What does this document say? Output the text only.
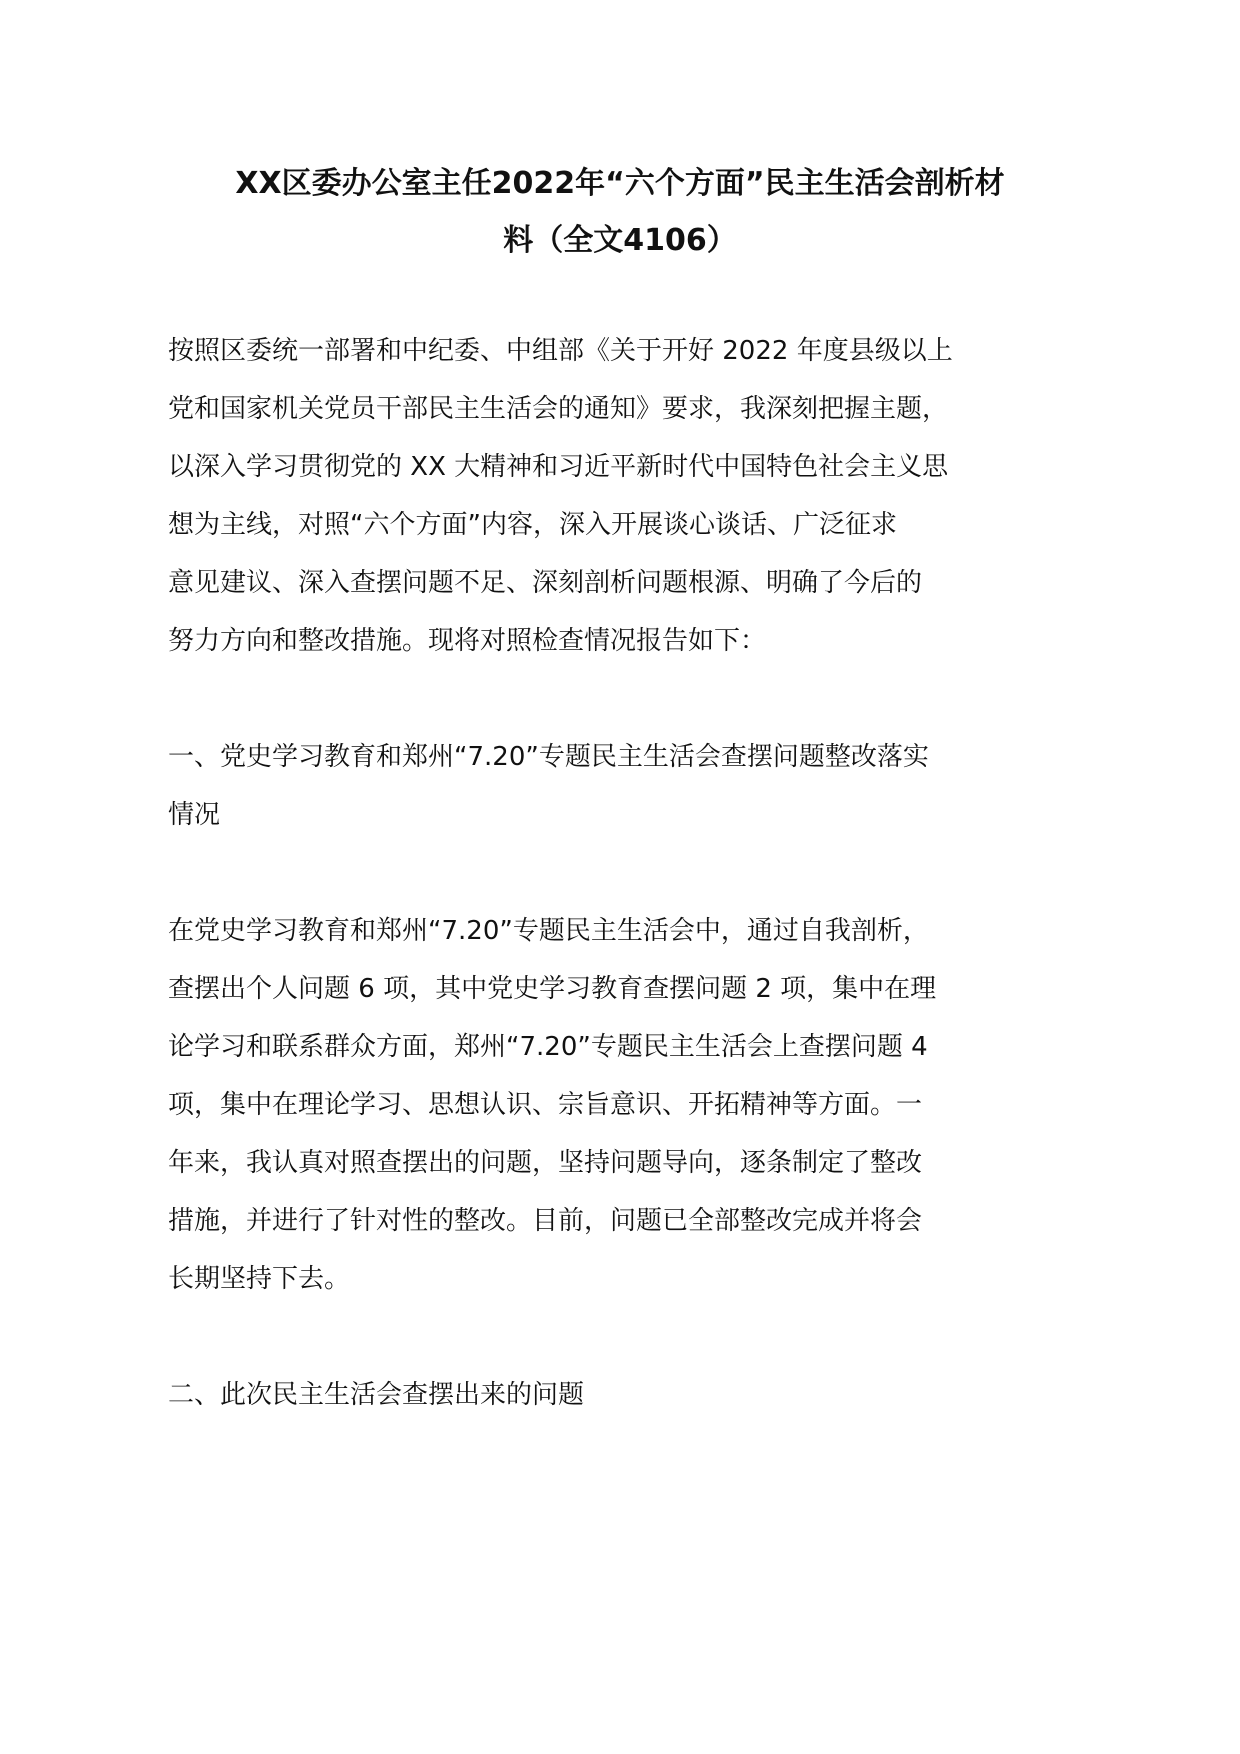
XX区委办公室主任2022年“六个方面”民主生活会剖析材
料（全文4106）

按照区委统一部署和中纪委、中组部《关于开好 2022 年度县级以上
党和国家机关党员干部民主生活会的通知》要求，我深刻把握主题，
以深入学习贯彻党的 XX 大精神和习近平新时代中国特色社会主义思
想为主线，对照“六个方面”内容，深入开展谈心谈话、广泛征求
意见建议、深入查摆问题不足、深刻剖析问题根源、明确了今后的
努力方向和整改措施。现将对照检查情况报告如下：

一、党史学习教育和郑州“7.20”专题民主生活会查摆问题整改落实
情况

在党史学习教育和郑州“7.20”专题民主生活会中，通过自我剖析，
查摆出个人问题 6 项，其中党史学习教育查摆问题 2 项，集中在理
论学习和联系群众方面，郑州“7.20”专题民主生活会上查摆问题 4
项，集中在理论学习、思想认识、宗旨意识、开拓精神等方面。一
年来，我认真对照查摆出的问题，坚持问题导向，逐条制定了整改
措施，并进行了针对性的整改。目前，问题已全部整改完成并将会
长期坚持下去。

二、此次民主生活会查摆出来的问题
